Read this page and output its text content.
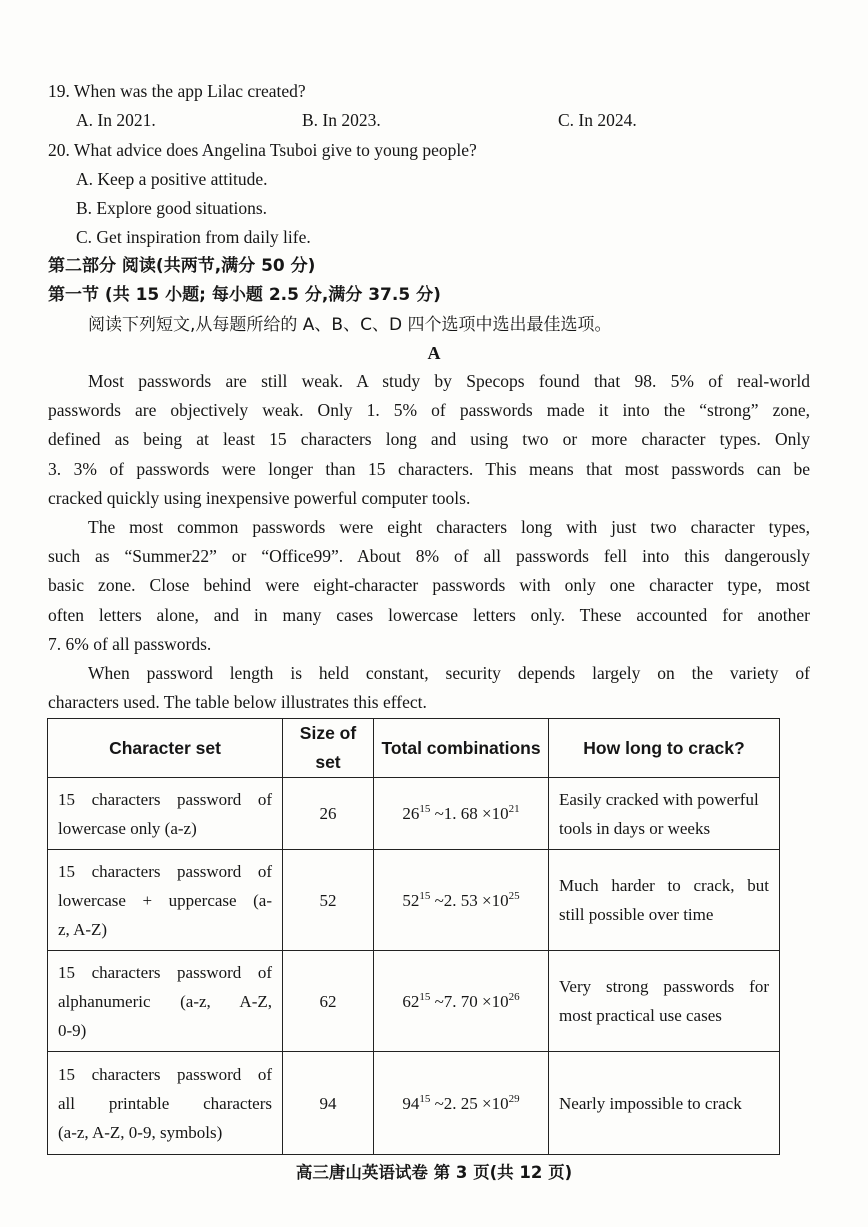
19. When was the app Lilac created?
A. In 2021.	B. In 2023.	C. In 2024.
20. What advice does Angelina Tsuboi give to young people?
A. Keep a positive attitude.
B. Explore good situations.
C. Get inspiration from daily life.
第二部分 阅读(共两节,满分 50 分)
第一节 (共 15 小题; 每小题 2.5 分,满分 37.5 分)
阅读下列短文,从每题所给的 A、B、C、D 四个选项中选出最佳选项。
A
Most passwords are still weak. A study by Specops found that 98. 5% of real-world
passwords are objectively weak. Only 1. 5% of passwords made it into the “strong” zone,
defined as being at least 15 characters long and using two or more character types. Only
3. 3% of passwords were longer than 15 characters. This means that most passwords can be
cracked quickly using inexpensive powerful computer tools.
The most common passwords were eight characters long with just two character types,
such as “Summer22” or “Office99”. About 8% of all passwords fell into this dangerously
basic zone. Close behind were eight-character passwords with only one character type, most
often letters alone, and in many cases lowercase letters only. These accounted for another
7. 6% of all passwords.
When password length is held constant, security depends largely on the variety of
characters used. The table below illustrates this effect.
Character set	Size of set	Total combinations	How long to crack?

15 characters password of
lowercase only (a-z)	26	$26^{15}$ ~1. $68 \times 10^{21}$	Easily cracked with powerful
tools in days or weeks

15 characters password of
lowercase + uppercase (a-
z, A-Z)	52	$52^{15}$ ~2. $53 \times 10^{25}$	Much harder to crack, but
still possible over time

15 characters password of
alphanumeric (a-z, A-Z,
0-9)	62	$62^{15}$ ~7. $70 \times 10^{26}$	Very strong passwords for
most practical use cases

15 characters password of
all printable characters
(a-z, A-Z, 0-9, symbols)	94	$94^{15}$ ~2. $25 \times 10^{29}$	Nearly impossible to crack
高三唐山英语试卷 第 3 页(共 12 页)
